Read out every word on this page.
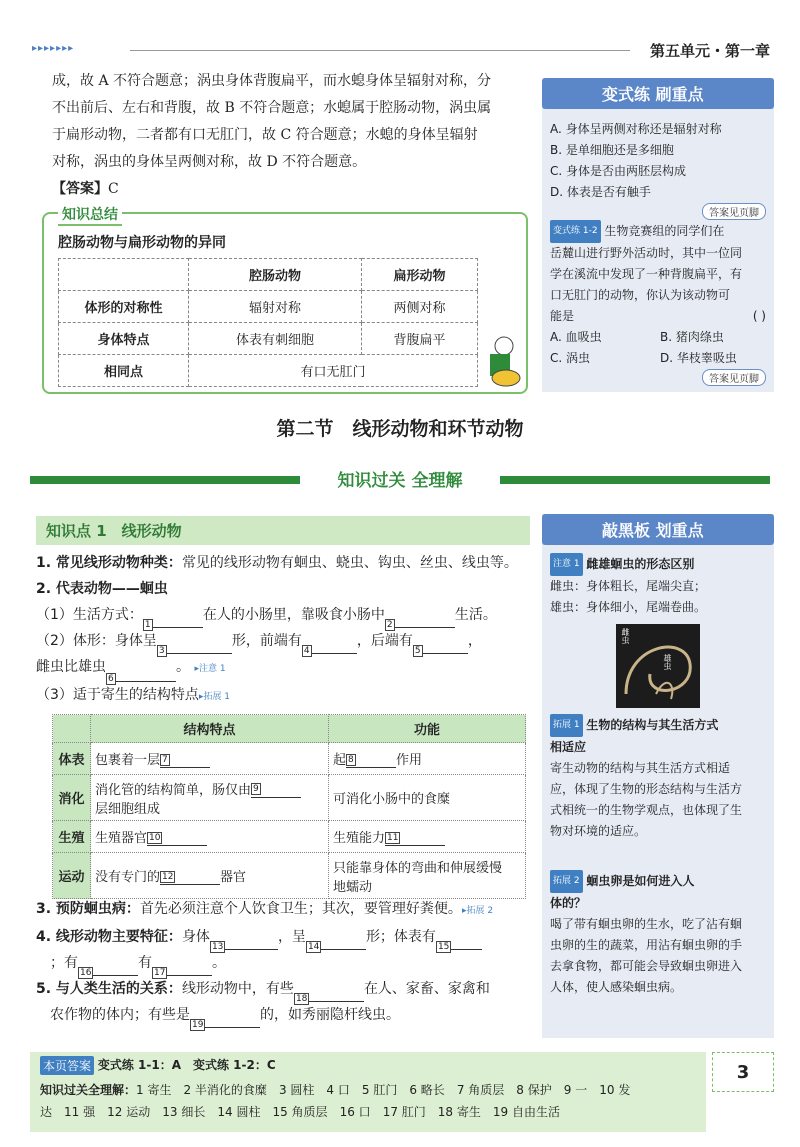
▸▸▸▸▸▸▸	第五单元・第一章
成，故 A 不符合题意；涡虫身体背腹扁平，而水螅身体呈辐射对称，分
不出前后、左右和背腹，故 B 不符合题意；水螅属于腔肠动物，涡虫属
于扁形动物，二者都有口无肛门，故 C 符合题意；水螅的身体呈辐射
对称，涡虫的身体呈两侧对称，故 D 不符合题意。
【答案】C
知识总结
腔肠动物与扁形动物的异同
	腔肠动物	扁形动物
体形的对称性	辐射对称	两侧对称
身体特点	体表有刺细胞	背腹扁平
相同点	有口无肛门	
变式练 刷重点

A. 身体呈两侧对称还是辐射对称

B. 是单细胞还是多细胞

C. 身体是否由两胚层构成

D. 体表是否有触手

答案见页脚

变式练 1-2 生物竞赛组的同学们在

岳麓山进行野外活动时，其中一位同

学在溪流中发现了一种背腹扁平，有

口无肛门的动物，你认为该动物可

能是	( )

A. 血吸虫	B. 猪肉绦虫

C. 涡虫	D. 华枝睾吸虫

答案见页脚
第二节　线形动物和环节动物
知识过关 全理解
知识点 1　线形动物

1. 常见线形动物种类：常见的线形动物有蛔虫、蛲虫、钩虫、丝虫、线虫等。

2. 代表动物——蛔虫

（1）生活方式：1在人的小肠里，靠吸食小肠中2生活。

（2）体形：身体呈3形，前端有4，后端有5，

雌虫比雄虫6。 ▸注意 1

（3）适于寄生的结构特点▸拓展 1

	结构特点	功能
体表	包裹着一层 7	起 8 作用
消化	消化管的结构简单，肠仅由 9
层细胞组成	可消化小肠中的食糜
生殖	生殖器官 10	生殖能力 11
运动	没有专门的 12 器官	只能靠身体的弯曲和伸展缓慢
地蠕动

3. 预防蛔虫病：首先必须注意个人饮食卫生；其次，要管理好粪便。▸拓展 2

4. 线形动物主要特征：身体13，呈14形；体表有15

；有16有17。

5. 与人类生活的关系：线形动物中，有些18在人、家畜、家禽和

农作物的体内；有些是19的，如秀丽隐杆线虫。

敲黑板 划重点

注意 1 雌雄蛔虫的形态区别

雌虫：身体粗长，尾端尖直；

雄虫：身体细小，尾端卷曲。

雌虫
雄虫

拓展 1 生物的结构与其生活方式

相适应

寄生动物的结构与其生活方式相适

应，体现了生物的形态结构与生活方

式相统一的生物学观点，也体现了生

物对环境的适应。

拓展 2 蛔虫卵是如何进入人

体的？

喝了带有蛔虫卵的生水，吃了沾有蛔

虫卵的生的蔬菜，用沾有蛔虫卵的手

去拿食物，都可能会导致蛔虫卵进入

人体，使人感染蛔虫病。

本页答案 变式练 1-1：A　变式练 1-2：C
知识过关全理解：1 寄生　 2 半消化的食糜　 3 圆柱　 4 口　 5 肛门　 6 略长　 7 角质层　 8 保护　 9 一　 10 发
达　 11 强　 12 运动　 13 细长　 14 圆柱　 15 角质层　 16 口　 17 肛门　 18 寄生　 19 自由生活
3
